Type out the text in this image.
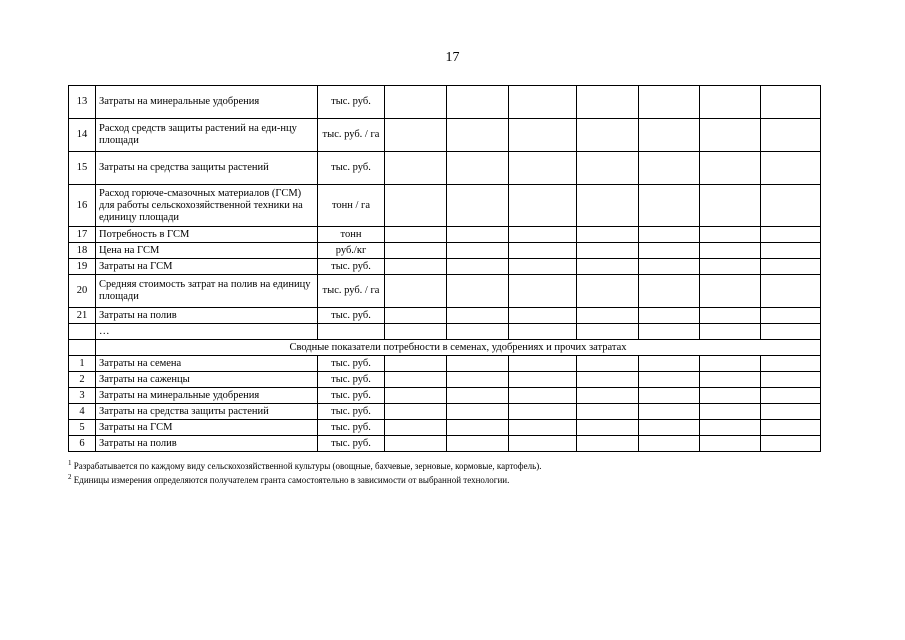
17
13	Затраты на минеральные удобрения	тыс. руб.							
14	Расход средств защиты растений на еди-нцу площади	тыс. руб. / га							
15	Затраты на средства защиты растений	тыс. руб.							
16	Расход горюче-смазочных материалов (ГСМ) для работы сельскохозяйственной техники на единицу площади	тонн / га							
17	Потребность в ГСМ	тонн							
18	Цена на ГСМ	руб./кг							
19	Затраты на ГСМ	тыс. руб.							
20	Средняя стоимость затрат на полив на единицу площади	тыс. руб. / га							
21	Затраты на полив	тыс. руб.							
	…								
	Сводные показатели потребности в семенах, удобрениях и прочих затратах								
1	Затраты на семена	тыс. руб.							
2	Затраты на саженцы	тыс. руб.							
3	Затраты на минеральные удобрения	тыс. руб.							
4	Затраты на средства защиты растений	тыс. руб.							
5	Затраты на ГСМ	тыс. руб.							
6	Затраты на полив	тыс. руб.							
$^1$ Разрабатывается по каждому виду сельскохозяйственной культуры (овощные, бахчевые, зерновые, кормовые, картофель).
$^2$ Единицы измерения определяются получателем гранта самостоятельно в зависимости от выбранной технологии.
